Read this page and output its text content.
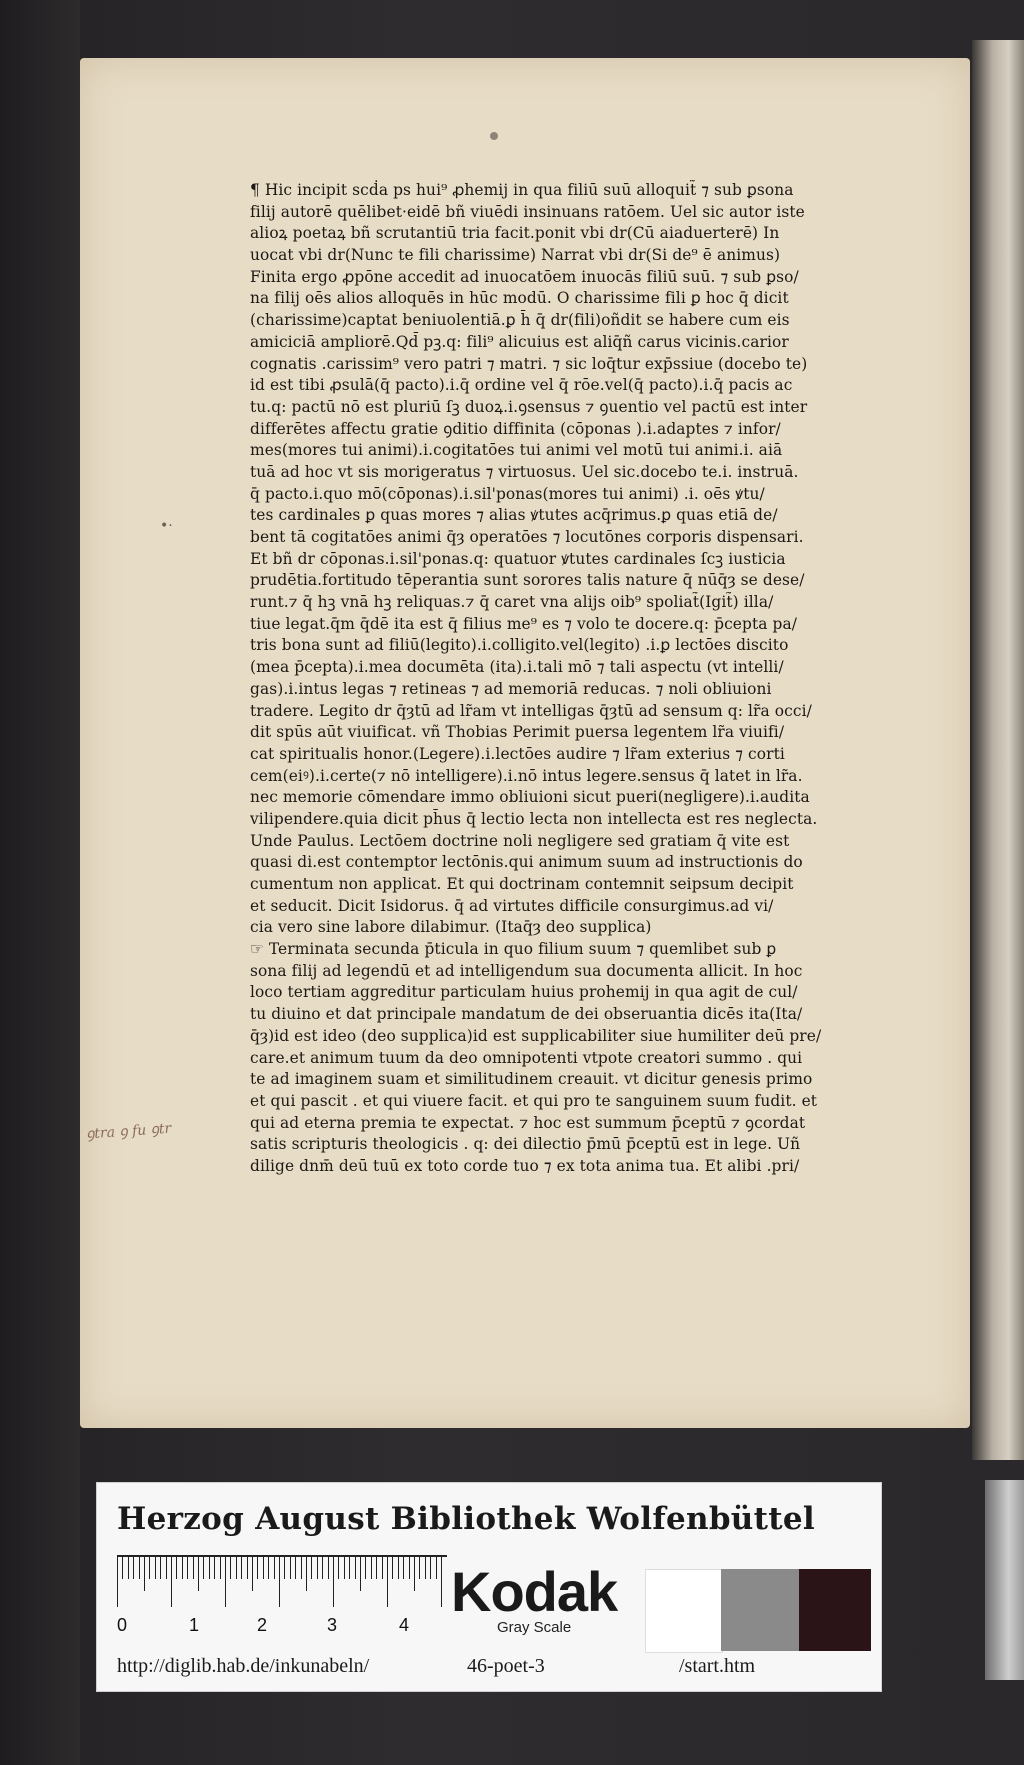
•·
¶ Hic incipit scḋa ps hui⁹ ꝓhemij in qua filiū suū alloquit̃ ⁊ sub ꝑsona
filij autorē quēlibet·eidē bñ viuēdi insinuans ratōem. Uel sic autor iste
alioꝝ poetaꝝ bñ scrutantiū tria facit.ponit vbi dr(Cū aiaduerterē) In
uocat vbi dr(Nunc te fili charissime) Narrat vbi dr(Si de⁹ ē animus)
Finita ergo ꝓpōne accedit ad inuocatōem inuocās filiū suū. ⁊ sub ꝑso/
na filij oēs alios alloquēs in hūc modū. O charissime fili ꝑ hoc q̄ dicit
(charissime)captat beniuolentiā.ꝑ h̄ q̄ dr(fili)oñdit se habere cum eis
amiciciā ampliorē.Qd̄ pꝫ.q: fili⁹ alicuius est aliq̄ñ carus vicinis.carior
cognatis .carissim⁹ vero patri ⁊ matri. ⁊ sic loq̄tur exp̄ssiue (docebo te)
id est tibi ꝓsulā(q̄ pacto).i.q̄ ordine vel q̄ rōe.vel(q̄ pacto).i.q̄ pacis ac
tu.q: pactū nō est pluriū ſꝫ duoꝝ.i.ꝯsensus ⁊ ꝯuentio vel pactū est inter
differētes affectu gratie ꝯditio diffinita (cōponas ).i.adaptes ⁊ infor/
mes(mores tui animi).i.cogitatōes tui animi vel motū tui animi.i. aiā
tuā ad hoc vt sis morigeratus ⁊ virtuosus. Uel sic.docebo te.i. instruā.
q̄ pacto.i.quo mō(cōponas).i.sil'ponas(mores tui animi) .i. oēs ꝟtu/
tes cardinales ꝑ quas mores ⁊ alias ꝟtutes acq̄rimus.ꝑ quas etiā de/
bent tā cogitatōes animi q̄ȝ operatōes ⁊ locutōnes corporis dispensari.
Et bñ dr cōponas.i.sil'ponas.q: quatuor ꝟtutes cardinales ſcꝫ iusticia
prudētia.fortitudo tēperantia sunt sorores talis nature q̄ nūq̄ȝ se dese/
runt.⁊ q̄ hꝫ vnā hꝫ reliquas.⁊ q̄ caret vna alijs oib⁹ spoliat̃(Igit̃) illa/
tiue legat.q̄m q̄dē ita est q̄ filius me⁹ es ⁊ volo te docere.q: p̄cepta pa/
tris bona sunt ad filiū(legito).i.colligito.vel(legito) .i.ꝑ lectōes discito
(mea p̄cepta).i.mea documēta (ita).i.tali mō ⁊ tali aspectu (vt intelli/
gas).i.intus legas ⁊ retineas ⁊ ad memoriā reducas. ⁊ noli obliuioni
tradere. Legito dr q̄ȝtū ad lr̃am vt intelligas q̄ȝtū ad sensum q: lr̃a occi/
dit spūs aūt viuificat. vñ Thobias Perimit puersa legentem lr̃a viuifi/
cat spiritualis honor.(Legere).i.lectōes audire ⁊ lr̃am exterius ⁊ corti
cem(eiꝰ).i.certe(⁊ nō intelligere).i.nō intus legere.sensus q̄ latet in lr̃a.
nec memorie cōmendare immo obliuioni sicut pueri(negligere).i.audita
vilipendere.quia dicit ph̄us q̄ lectio lecta non intellecta est res neglecta.
Unde Paulus. Lectōem doctrine noli negligere sed gratiam q̄ vite est
quasi di.est contemptor lectōnis.qui animum suum ad instructionis do
cumentum non applicat. Et qui doctrinam contemnit seipsum decipit
et seducit. Dicit Isidorus. q̄ ad virtutes difficile consurgimus.ad vi/
cia vero sine labore dilabimur. (Itaq̄ȝ deo supplica)
☞ Terminata secunda p̄ticula in quo filium suum ⁊ quemlibet sub ꝑ
sona filij ad legendū et ad intelligendum sua documenta allicit. In hoc
loco tertiam aggreditur particulam huius prohemij in qua agit de cul/
tu diuino et dat principale mandatum de dei obseruantia dicēs ita(Ita/
q̄ȝ)id est ideo (deo supplica)id est supplicabiliter siue humiliter deū pre/
care.et animum tuum da deo omnipotenti vtpote creatori summo . qui
te ad imaginem suam et similitudinem creauit. vt dicitur genesis primo
et qui pascit . et qui viuere facit. et qui pro te sanguinem suum fudit. et
qui ad eterna premia te expectat. ⁊ hoc est summum p̄ceptū ⁊ ꝯcordat
satis scripturis theologicis . q: dei dilectio p̄mū p̄ceptū est in lege. Uñ
dilige dnm̄ deū tuū ex toto corde tuo ⁊ ex tota anima tua. Et alibi .pri/
ꝯtra ꝯ fu ꝯtr
Herzog August Bibliothek Wolfenbüttel
0	1	2	3	4
Kodak
Gray Scale
http://diglib.hab.de/inkunabeln/	46-poet-3	/start.htm
